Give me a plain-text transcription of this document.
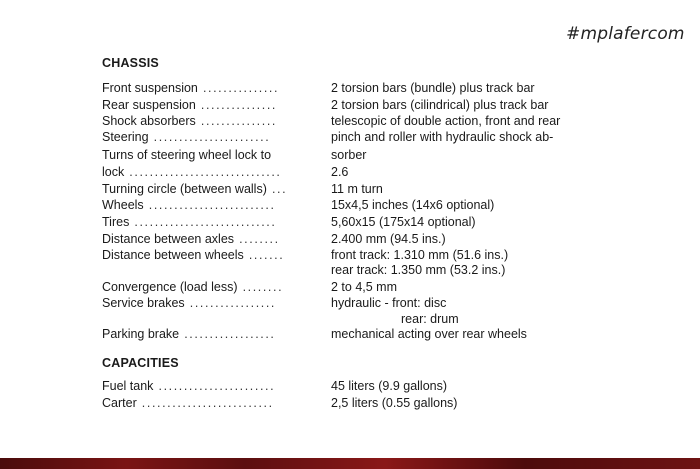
#mplafercom
CHASSIS
Front suspension ...............	2 torsion bars (bundle) plus track bar
Rear suspension ...............	2 torsion bars (cilindrical) plus track bar
Shock absorbers ...............	telescopic of double action, front and rear
Steering .......................	pinch and roller with hydraulic shock ab-
Turns of steering wheel lock to	sorber
lock ..............................	2.6
Turning circle (between walls) ...	11 m turn
Wheels .........................	15x4,5 inches (14x6 optional)
Tires ............................	5,60x15 (175x14 optional)
Distance between axles ........	2.400 mm (94.5 ins.)
Distance between wheels .......	front track: 1.310 mm (51.6 ins.)
rear track: 1.350 mm (53.2 ins.)
Convergence (load less) ........	2 to 4,5 mm
Service brakes .................	hydraulic - front: disc
rear: drum
Parking brake ..................	mechanical acting over rear wheels
CAPACITIES
Fuel tank .......................	45 liters (9.9 gallons)
Carter ..........................	2,5 liters (0.55 gallons)
